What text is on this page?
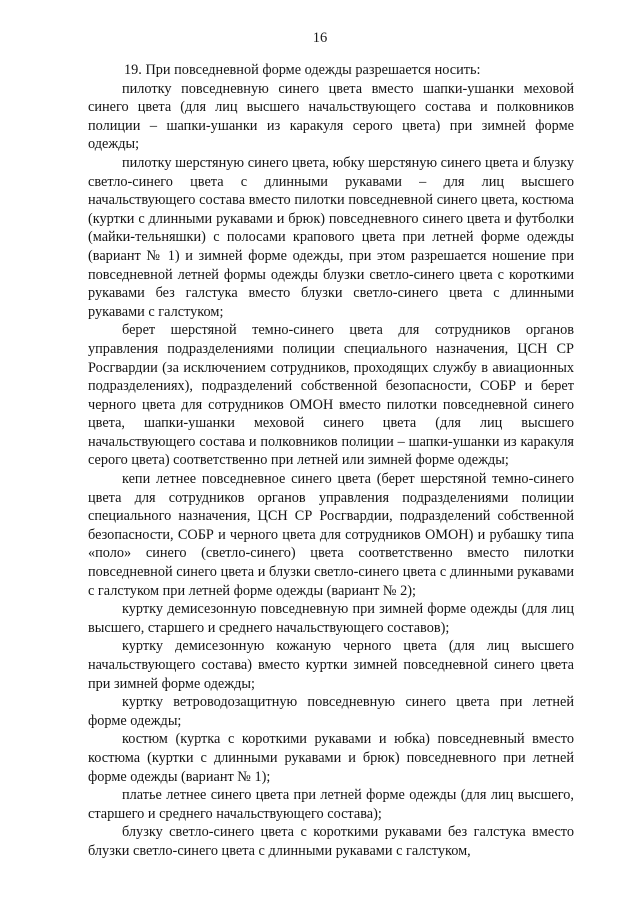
16

19. При повседневной форме одежды разрешается носить:

пилотку повседневную синего цвета вместо шапки-ушанки меховой синего цвета (для лиц высшего начальствующего состава и полковников полиции – шапки-ушанки из каракуля серого цвета) при зимней форме одежды;

пилотку шерстяную синего цвета, юбку шерстяную синего цвета и блузку светло-синего цвета с длинными рукавами – для лиц высшего начальствующего состава вместо пилотки повседневной синего цвета, костюма (куртки с длинными рукавами и брюк) повседневного синего цвета и футболки (майки-тельняшки) с полосами крапового цвета при летней форме одежды (вариант № 1) и зимней форме одежды, при этом разрешается ношение при повседневной летней формы одежды блузки светло-синего цвета с короткими рукавами без галстука вместо блузки светло-синего цвета с длинными рукавами с галстуком;

берет шерстяной темно-синего цвета для сотрудников органов управления подразделениями полиции специального назначения, ЦСН СР Росгвардии (за исключением сотрудников, проходящих службу в авиационных подразделениях), подразделений собственной безопасности, СОБР и берет черного цвета для сотрудников ОМОН вместо пилотки повседневной синего цвета, шапки-ушанки меховой синего цвета (для лиц высшего начальствующего состава и полковников полиции – шапки-ушанки из каракуля серого цвета) соответственно при летней или зимней форме одежды;

кепи летнее повседневное синего цвета (берет шерстяной темно-синего цвета для сотрудников органов управления подразделениями полиции специального назначения, ЦСН СР Росгвардии, подразделений собственной безопасности, СОБР и черного цвета для сотрудников ОМОН) и рубашку типа «поло» синего (светло-синего) цвета соответственно вместо пилотки повседневной синего цвета и блузки светло-синего цвета с длинными рукавами с галстуком при летней форме одежды (вариант № 2);

куртку демисезонную повседневную при зимней форме одежды (для лиц высшего, старшего и среднего начальствующего составов);

куртку демисезонную кожаную черного цвета (для лиц высшего начальствующего состава) вместо куртки зимней повседневной синего цвета при зимней форме одежды;

куртку ветроводозащитную повседневную синего цвета при летней форме одежды;

костюм (куртка с короткими рукавами и юбка) повседневный вместо костюма (куртки с длинными рукавами и брюк) повседневного при летней форме одежды (вариант № 1);

платье летнее синего цвета при летней форме одежды (для лиц высшего, старшего и среднего начальствующего состава);

блузку светло-синего цвета с короткими рукавами без галстука вместо блузки светло-синего цвета с длинными рукавами с галстуком,
